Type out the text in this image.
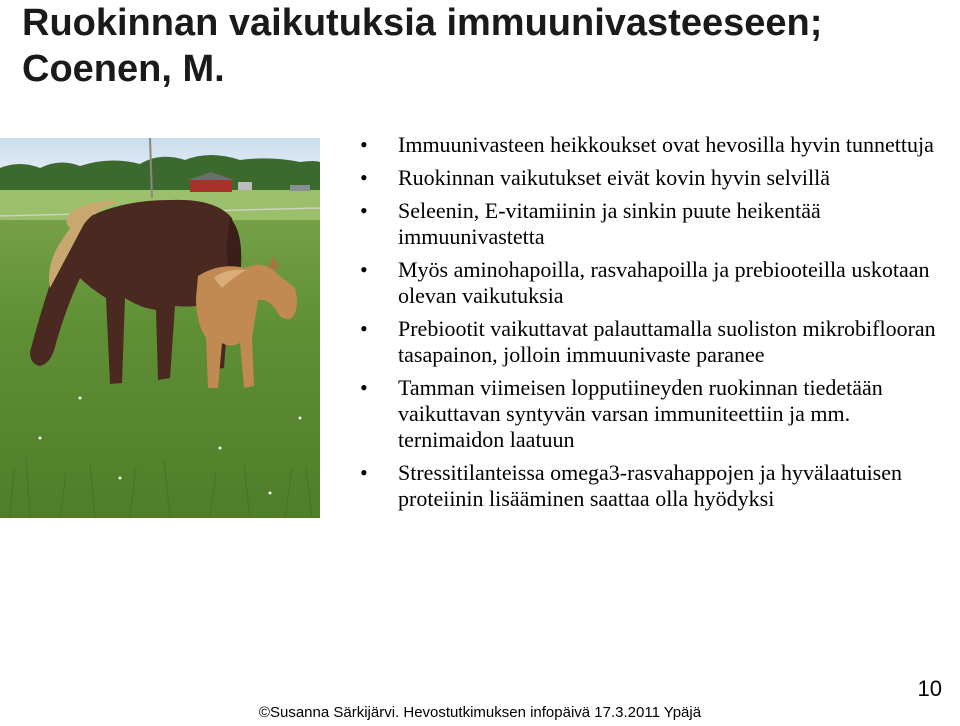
Ruokinnan vaikutuksia immuunivasteeseen;
Coenen, M.
• Immuunivasteen heikkoukset ovat hevosilla hyvin tunnettuja
• Ruokinnan vaikutukset eivät kovin hyvin selvillä
• Seleenin, E-vitamiinin ja sinkin puute heikentää immuunivastetta
• Myös aminohapoilla, rasvahapoilla ja prebiooteilla uskotaan olevan vaikutuksia
• Prebiootit vaikuttavat palauttamalla suoliston mikrobiflooran tasapainon, jolloin immuunivaste paranee
• Tamman viimeisen lopputiineyden ruokinnan tiedetään vaikuttavan syntyvän varsan immuniteettiin ja mm. ternimaidon laatuun
• Stressitilanteissa omega3-rasvahappojen ja hyvälaatuisen proteiinin lisääminen saattaa olla hyödyksi
10
©Susanna Särkijärvi. Hevostutkimuksen infopäivä 17.3.2011 Ypäjä
